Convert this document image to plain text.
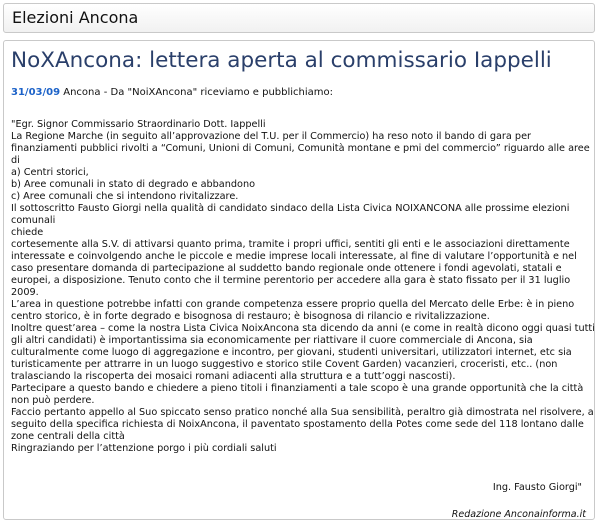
Elezioni Ancona
NoXAncona: lettera aperta al commissario Iappelli
31/03/09 Ancona - Da "NoiXAncona" riceviamo e pubblichiamo:
"Egr. Signor Commissario Straordinario Dott. Iappelli
La Regione Marche (in seguito all’approvazione del T.U. per il Commercio) ha reso noto il bando di gara per
finanziamenti pubblici rivolti a “Comuni, Unioni di Comuni, Comunità montane e pmi del commercio” riguardo alle aree
di
a) Centri storici,
b) Aree comunali in stato di degrado e abbandono
c) Aree comunali che si intendono rivitalizzare.
Il sottoscritto Fausto Giorgi nella qualità di candidato sindaco della Lista Civica NOIXANCONA alle prossime elezioni
comunali
chiede
cortesemente alla S.V. di attivarsi quanto prima, tramite i propri uffici, sentiti gli enti e le associazioni direttamente
interessate e coinvolgendo anche le piccole e medie imprese locali interessate, al fine di valutare l’opportunità e nel
caso presentare domanda di partecipazione al suddetto bando regionale onde ottenere i fondi agevolati, statali e
europei, a disposizione. Tenuto conto che il termine perentorio per accedere alla gara è stato fissato per il 31 luglio
2009.
L’area in questione potrebbe infatti con grande competenza essere proprio quella del Mercato delle Erbe: è in pieno
centro storico, è in forte degrado e bisognosa di restauro; è bisognosa di rilancio e rivitalizzazione.
Inoltre quest’area – come la nostra Lista Civica NoixAncona sta dicendo da anni (e come in realtà dicono oggi quasi tutti
gli altri candidati) è importantissima sia economicamente per riattivare il cuore commerciale di Ancona, sia
culturalmente come luogo di aggregazione e incontro, per giovani, studenti universitari, utilizzatori internet, etc sia
turisticamente per attrarre in un luogo suggestivo e storico stile Covent Garden) vacanzieri, croceristi, etc.. (non
tralasciando la riscoperta dei mosaici romani adiacenti alla struttura e a tutt’oggi nascosti).
Partecipare a questo bando e chiedere a pieno titoli i finanziamenti a tale scopo è una grande opportunità che la città
non può perdere.
Faccio pertanto appello al Suo spiccato senso pratico nonché alla Sua sensibilità, peraltro già dimostrata nel risolvere, a
seguito della specifica richiesta di NoixAncona, il paventato spostamento della Potes come sede del 118 lontano dalle
zone centrali della città
Ringraziando per l’attenzione porgo i più cordiali saluti
Ing. Fausto Giorgi"
Redazione Anconainforma.it
